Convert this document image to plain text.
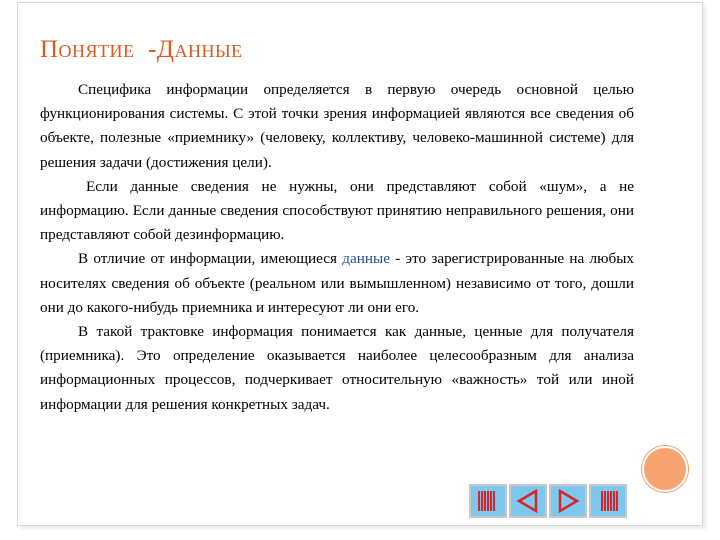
Понятие -Данные

Специфика информации определяется в первую очередь основной целью функционирования системы. С этой точки зрения информацией являются все сведения об объекте, полезные «приемнику» (человеку, коллективу, человеко-машинной системе) для решения задачи (достижения цели).

Если данные сведения не нужны, они представляют собой «шум», а не информацию. Если данные сведения способствуют принятию неправильного решения, они представляют собой дезинформацию.

В отличие от информации, имеющиеся данные - это зарегистрированные на любых носителях сведения об объекте (реальном или вымышленном) независимо от того, дошли они до какого-нибудь приемника и интересуют ли они его.

В такой трактовке информация понимается как данные, ценные для получателя (приемника). Это определение оказывается наиболее целесообразным для анализа информационных процессов, подчеркивает относительную «важность» той или иной информации для решения конкретных задач.
